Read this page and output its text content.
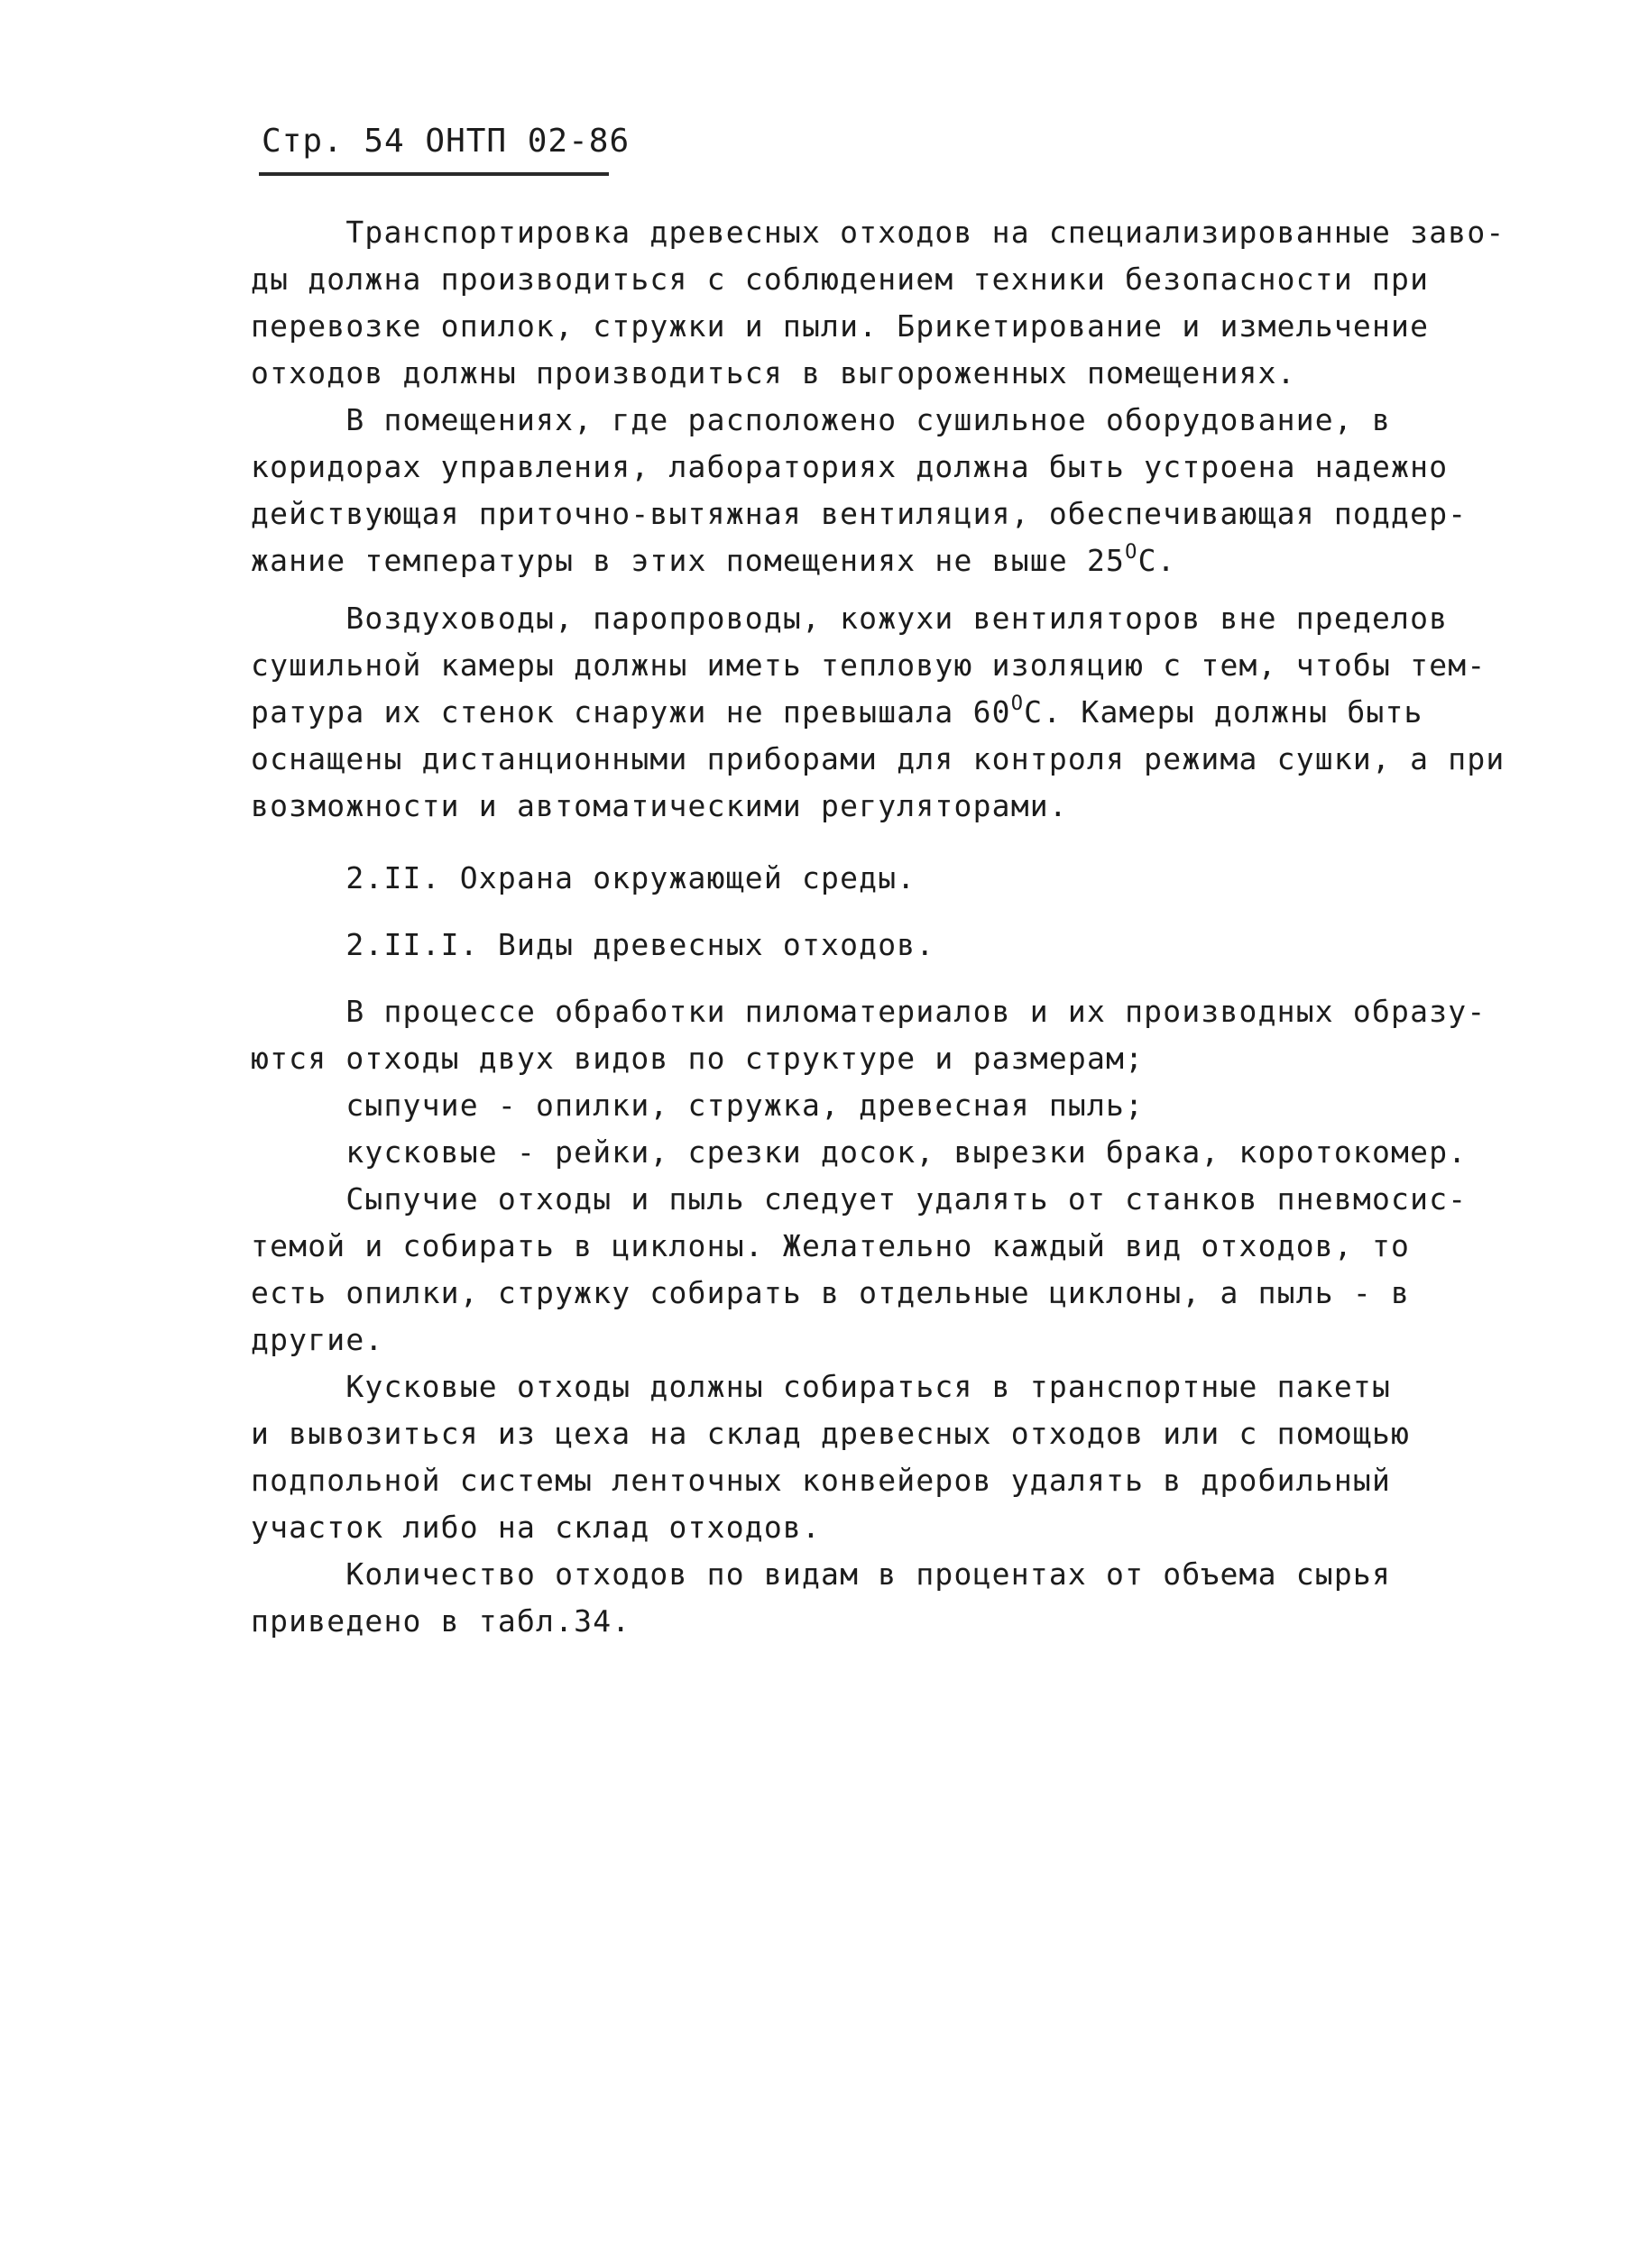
Стр. 54 ОНТП 02-86
Транспортировка древесных отходов на специализированные заво-
ды должна производиться с соблюдением техники безопасности при
перевозке опилок, стружки и пыли. Брикетирование и измельчение
отходов должны производиться в выгороженных помещениях.
В помещениях, где расположено сушильное оборудование, в
коридорах управления, лабораториях должна быть устроена надежно
действующая приточно-вытяжная вентиляция, обеспечивающая поддер-
жание температуры в этих помещениях не выше $25^ОС$.
Воздуховоды, паропроводы, кожухи вентиляторов вне пределов
сушильной камеры должны иметь тепловую изоляцию с тем, чтобы тем-
ратура их стенок снаружи не превышала $60^ОС$. Камеры должны быть
оснащены дистанционными приборами для контроля режима сушки, а при
возможности и автоматическими регуляторами.
2.II. Охрана окружающей среды.
2.II.I. Виды древесных отходов.
В процессе обработки пиломатериалов и их производных образу-
ются отходы двух видов по структуре и размерам;
сыпучие - опилки, стружка, древесная пыль;
кусковые - рейки, срезки досок, вырезки брака, коротокомер.
Сыпучие отходы и пыль следует удалять от станков пневмосис-
темой и собирать в циклоны. Желательно каждый вид отходов, то
есть опилки, стружку собирать в отдельные циклоны, а пыль - в
другие.
Кусковые отходы должны собираться в транспортные пакеты
и вывозиться из цеха на склад древесных отходов или с помощью
подпольной системы ленточных конвейеров удалять в дробильный
участок либо на склад отходов.
Количество отходов по видам в процентах от объема сырья
приведено в табл.34.
